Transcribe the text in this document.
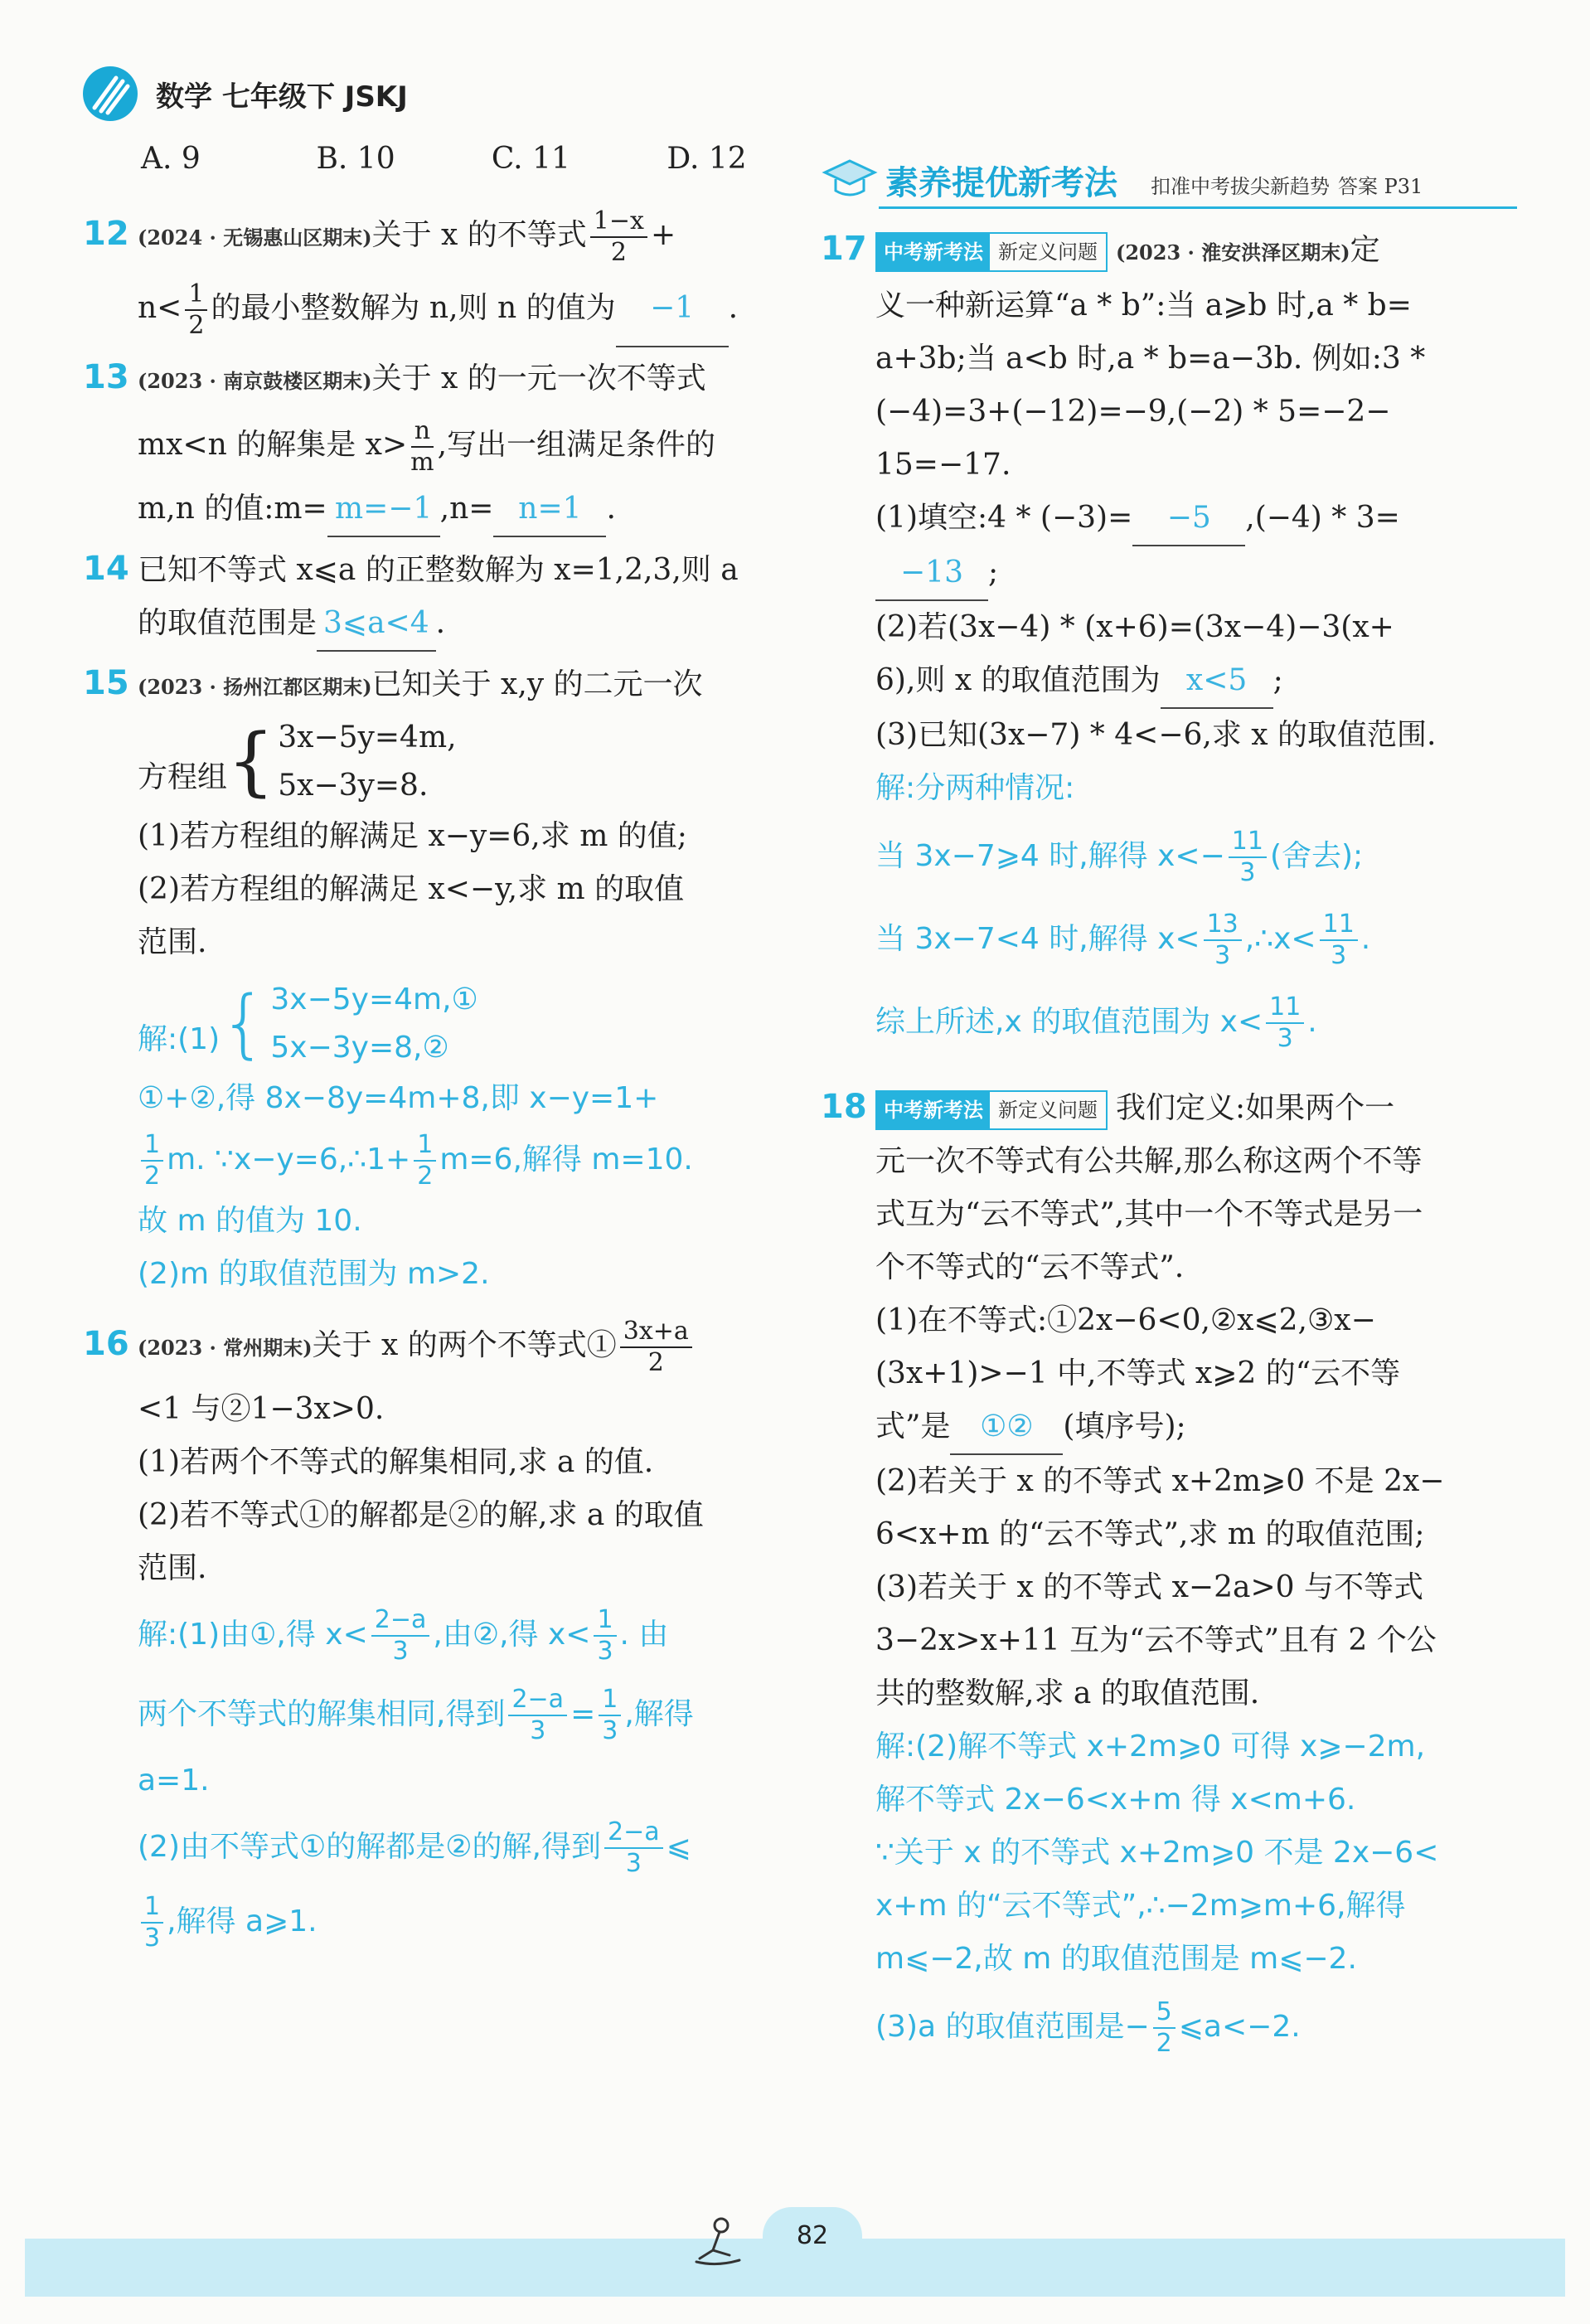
数学 七年级下 JSKJ
素养提优新考法 扣准中考拔尖新趋势 答案 P31
A. 9	B. 10	C. 11	D. 12
12 (2024 · 无锡惠山区期末)关于 x 的不等式 $\frac{1-x}{2}$ +
$n< \frac{1}{2}$ 的最小整数解为 n,则 n 的值为 −1 .
13 (2023 · 南京鼓楼区期末)关于 x 的一元一次不等式
mx<n 的解集是 $x> \frac{n}{m}$ ,写出一组满足条件的
m,n 的值:m= m=−1 ,n= n=1 .
14 已知不等式 x⩽a 的正整数解为 x=1,2,3,则 a
的取值范围是 3⩽a<4 .
15 (2023 · 扬州江都区期末)已知关于 x,y 的二元一次
方程组 { 3x−5y=4m,
5x−3y=8.
(1)若方程组的解满足 x−y=6,求 m 的值;
(2)若方程组的解满足 x<−y,求 m 的取值
范围.
解:(1) { 3x−5y=4m,①
5x−3y=8,②
①+②,得 8x−8y=4m+8,即 x−y=1+
$\frac{1}{2} m$. ∵x−y=6,∴1+ $\frac{1}{2} m=6$,解得 m=10.
故 m 的值为 10.
(2)m 的取值范围为 m>2.
16 (2023 · 常州期末)关于 x 的两个不等式① $\frac{3x+a}{2}$
<1 与②1−3x>0.
(1)若两个不等式的解集相同,求 a 的值.
(2)若不等式①的解都是②的解,求 a 的取值
范围.
解:(1)由①,得 $x< \frac{2-a}{3}$ ,由②,得 $x< \frac{1}{3}$ . 由
两个不等式的解集相同,得到 $\frac{2-a}{3} = \frac{1}{3}$ ,解得
a=1.
(2)由不等式①的解都是②的解,得到 $\frac{2-a}{3}$ ⩽
$\frac{1}{3}$ ,解得 a⩾1.
17 中考新考法 新定义问题 (2023 · 淮安洪泽区期末)定
义一种新运算“a * b”:当 a⩾b 时,a * b=
a+3b;当 a<b 时,a * b=a−3b. 例如:3 *
(−4)=3+(−12)=−9,(−2) * 5=−2−
15=−17.
(1)填空:4 * (−3)= −5 ,(−4) * 3=
−13 ;
(2)若(3x−4) * (x+6)=(3x−4)−3(x+
6),则 x 的取值范围为 x<5 ;
(3)已知(3x−7) * 4<−6,求 x 的取值范围.
解:分两种情况:
当 3x−7⩾4 时,解得 $x<- \frac{11}{3}$ (舍去);
当 3x−7<4 时,解得 $x< \frac{13}{3}$ ,∴x< $\frac{11}{3}$ .
综上所述,x 的取值范围为 $x< \frac{11}{3}$ .
18 中考新考法 新定义问题 我们定义:如果两个一
元一次不等式有公共解,那么称这两个不等
式互为“云不等式”,其中一个不等式是另一
个不等式的“云不等式”.
(1)在不等式:①2x−6<0,②x⩽2,③x−
(3x+1)>−1 中,不等式 x⩾2 的“云不等
式”是 ①② (填序号);
(2)若关于 x 的不等式 x+2m⩾0 不是 2x−
6<x+m 的“云不等式”,求 m 的取值范围;
(3)若关于 x 的不等式 x−2a>0 与不等式
3−2x>x+11 互为“云不等式”且有 2 个公
共的整数解,求 a 的取值范围.
解:(2)解不等式 x+2m⩾0 可得 x⩾−2m,
解不等式 2x−6<x+m 得 x<m+6.
∵关于 x 的不等式 x+2m⩾0 不是 2x−6<
x+m 的“云不等式”,∴−2m⩾m+6,解得
m⩽−2,故 m 的取值范围是 m⩽−2.
(3)a 的取值范围是− $\frac{5}{2}$ ⩽a<−2.
82
